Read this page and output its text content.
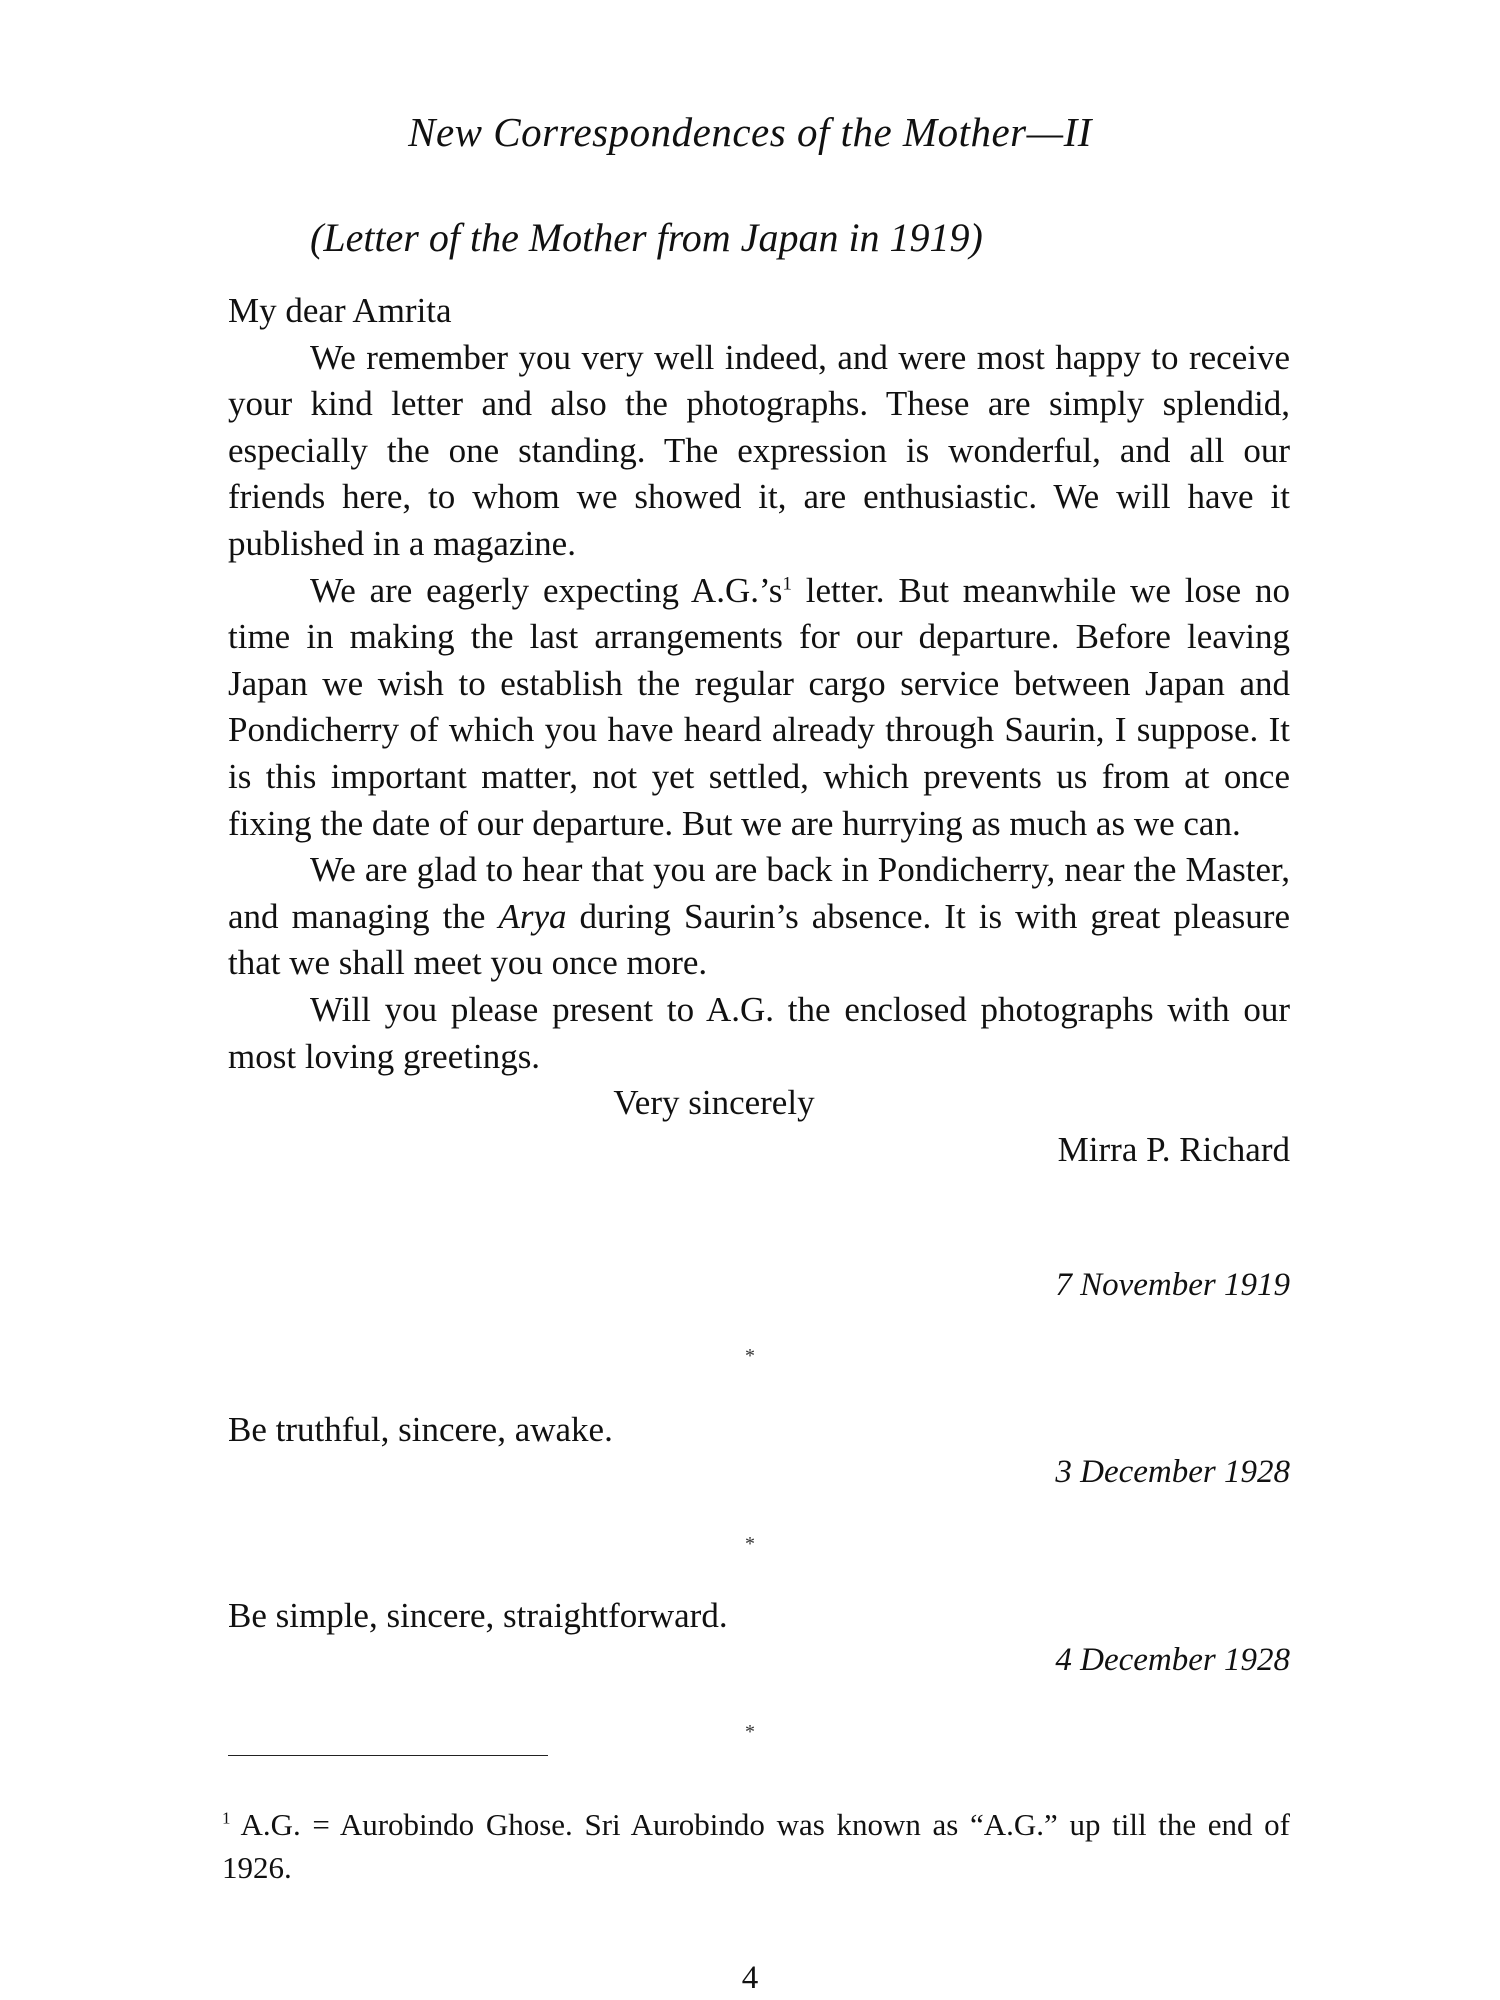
New Correspondences of the Mother—II
(Letter of the Mother from Japan in 1919)

My dear Amrita

We remember you very well indeed, and were most happy to receive your kind letter and also the photographs. These are simply splendid, especially the one standing. The expression is wonderful, and all our friends here, to whom we showed it, are enthusiastic. We will have it published in a magazine.

We are eagerly expecting $A.G.’s^1$ letter. But meanwhile we lose no time in making the last arrangements for our departure. Before leaving Japan we wish to establish the regular cargo service between Japan and Pondicherry of which you have heard already through Saurin, I suppose. It is this important matter, not yet settled, which prevents us from at once fixing the date of our departure. But we are hurrying as much as we can.

We are glad to hear that you are back in Pondicherry, near the Master, and managing the Arya during Saurin’s absence. It is with great pleasure that we shall meet you once more.

Will you please present to A.G. the enclosed photographs with our most loving greetings.

Very sincerely
Mirra P. Richard
7 November 1919
*
Be truthful, sincere, awake.
3 December 1928
*
Be simple, sincere, straightforward.
4 December 1928
*
$^1$ A.G. = Aurobindo Ghose. Sri Aurobindo was known as “A.G.” up till the end of 1926.
4
